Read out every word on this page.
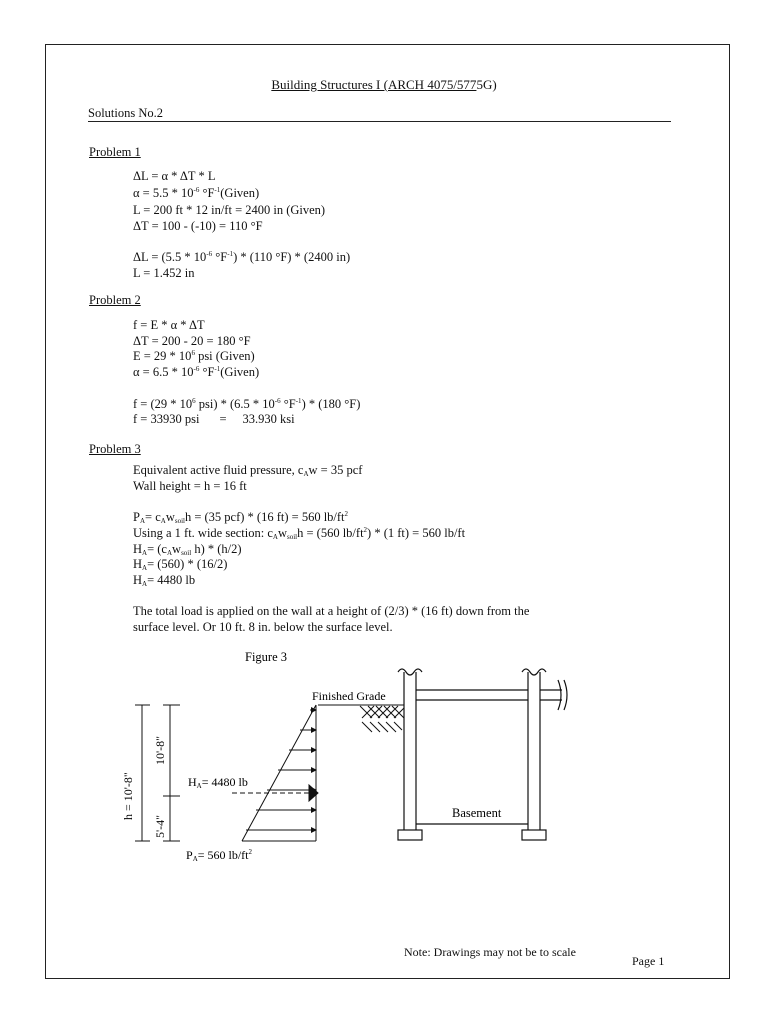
Building Structures I (ARCH 4075/5775G)
Solutions No.2
Problem 1
ΔL = α * ΔT * L
$\alpha = 5.5 * 10^{-6}$ $^\circ F^{-1}(Given)$
L = 200 ft * 12 in/ft = 2400 in (Given)
ΔT = 100 - (-10) = 110 °F
$\Delta L = (5.5 * 10^{-6}$ $^\circ F^{-1}) * (110$ °F) * (2400 in)
L = 1.452 in
Problem 2
f = E * α * ΔT
ΔT = 200 - 20 = 180 °F
$E = 29 * 10^6$ psi (Given)
$\alpha = 6.5 * 10^{-6}$ $^\circ F^{-1}(Given)$
$f = (29 * 10^6$ $psi) * (6.5 * 10^{-6}$ $^\circ F^{-1}) * (180$ °F)
f = 33930 psi = 33.930 ksi
Problem 3
Equivalent active fluid pressure, $c_Aw = 35$ pcf
Wall height = h = 16 ft
$P_A= c_Aw_{soil}h = (35$ pcf) * (16 ft) = 560 $lb/ft^2$
Using a 1 ft. wide section: $c_Aw_{soil}h = (560$ $lb/ft^2) * (1$ ft) = 560 lb/ft
$H_A= (c_Aw_{soil}$ h) * (h/2)
$H_A= (560) * (16/2)$
$H_A= 4480$ lb
The total load is applied on the wall at a height of (2/3) * (16 ft) down from the
surface level. Or 10 ft. 8 in. below the surface level.
Figure 3
h = 10'-8"
10'-8"
5'-4"
HA= 4480 lb
PA= 560 $lb/ft^2$
Finished Grade
Basement
Note: Drawings may not be to scale
Page 1
